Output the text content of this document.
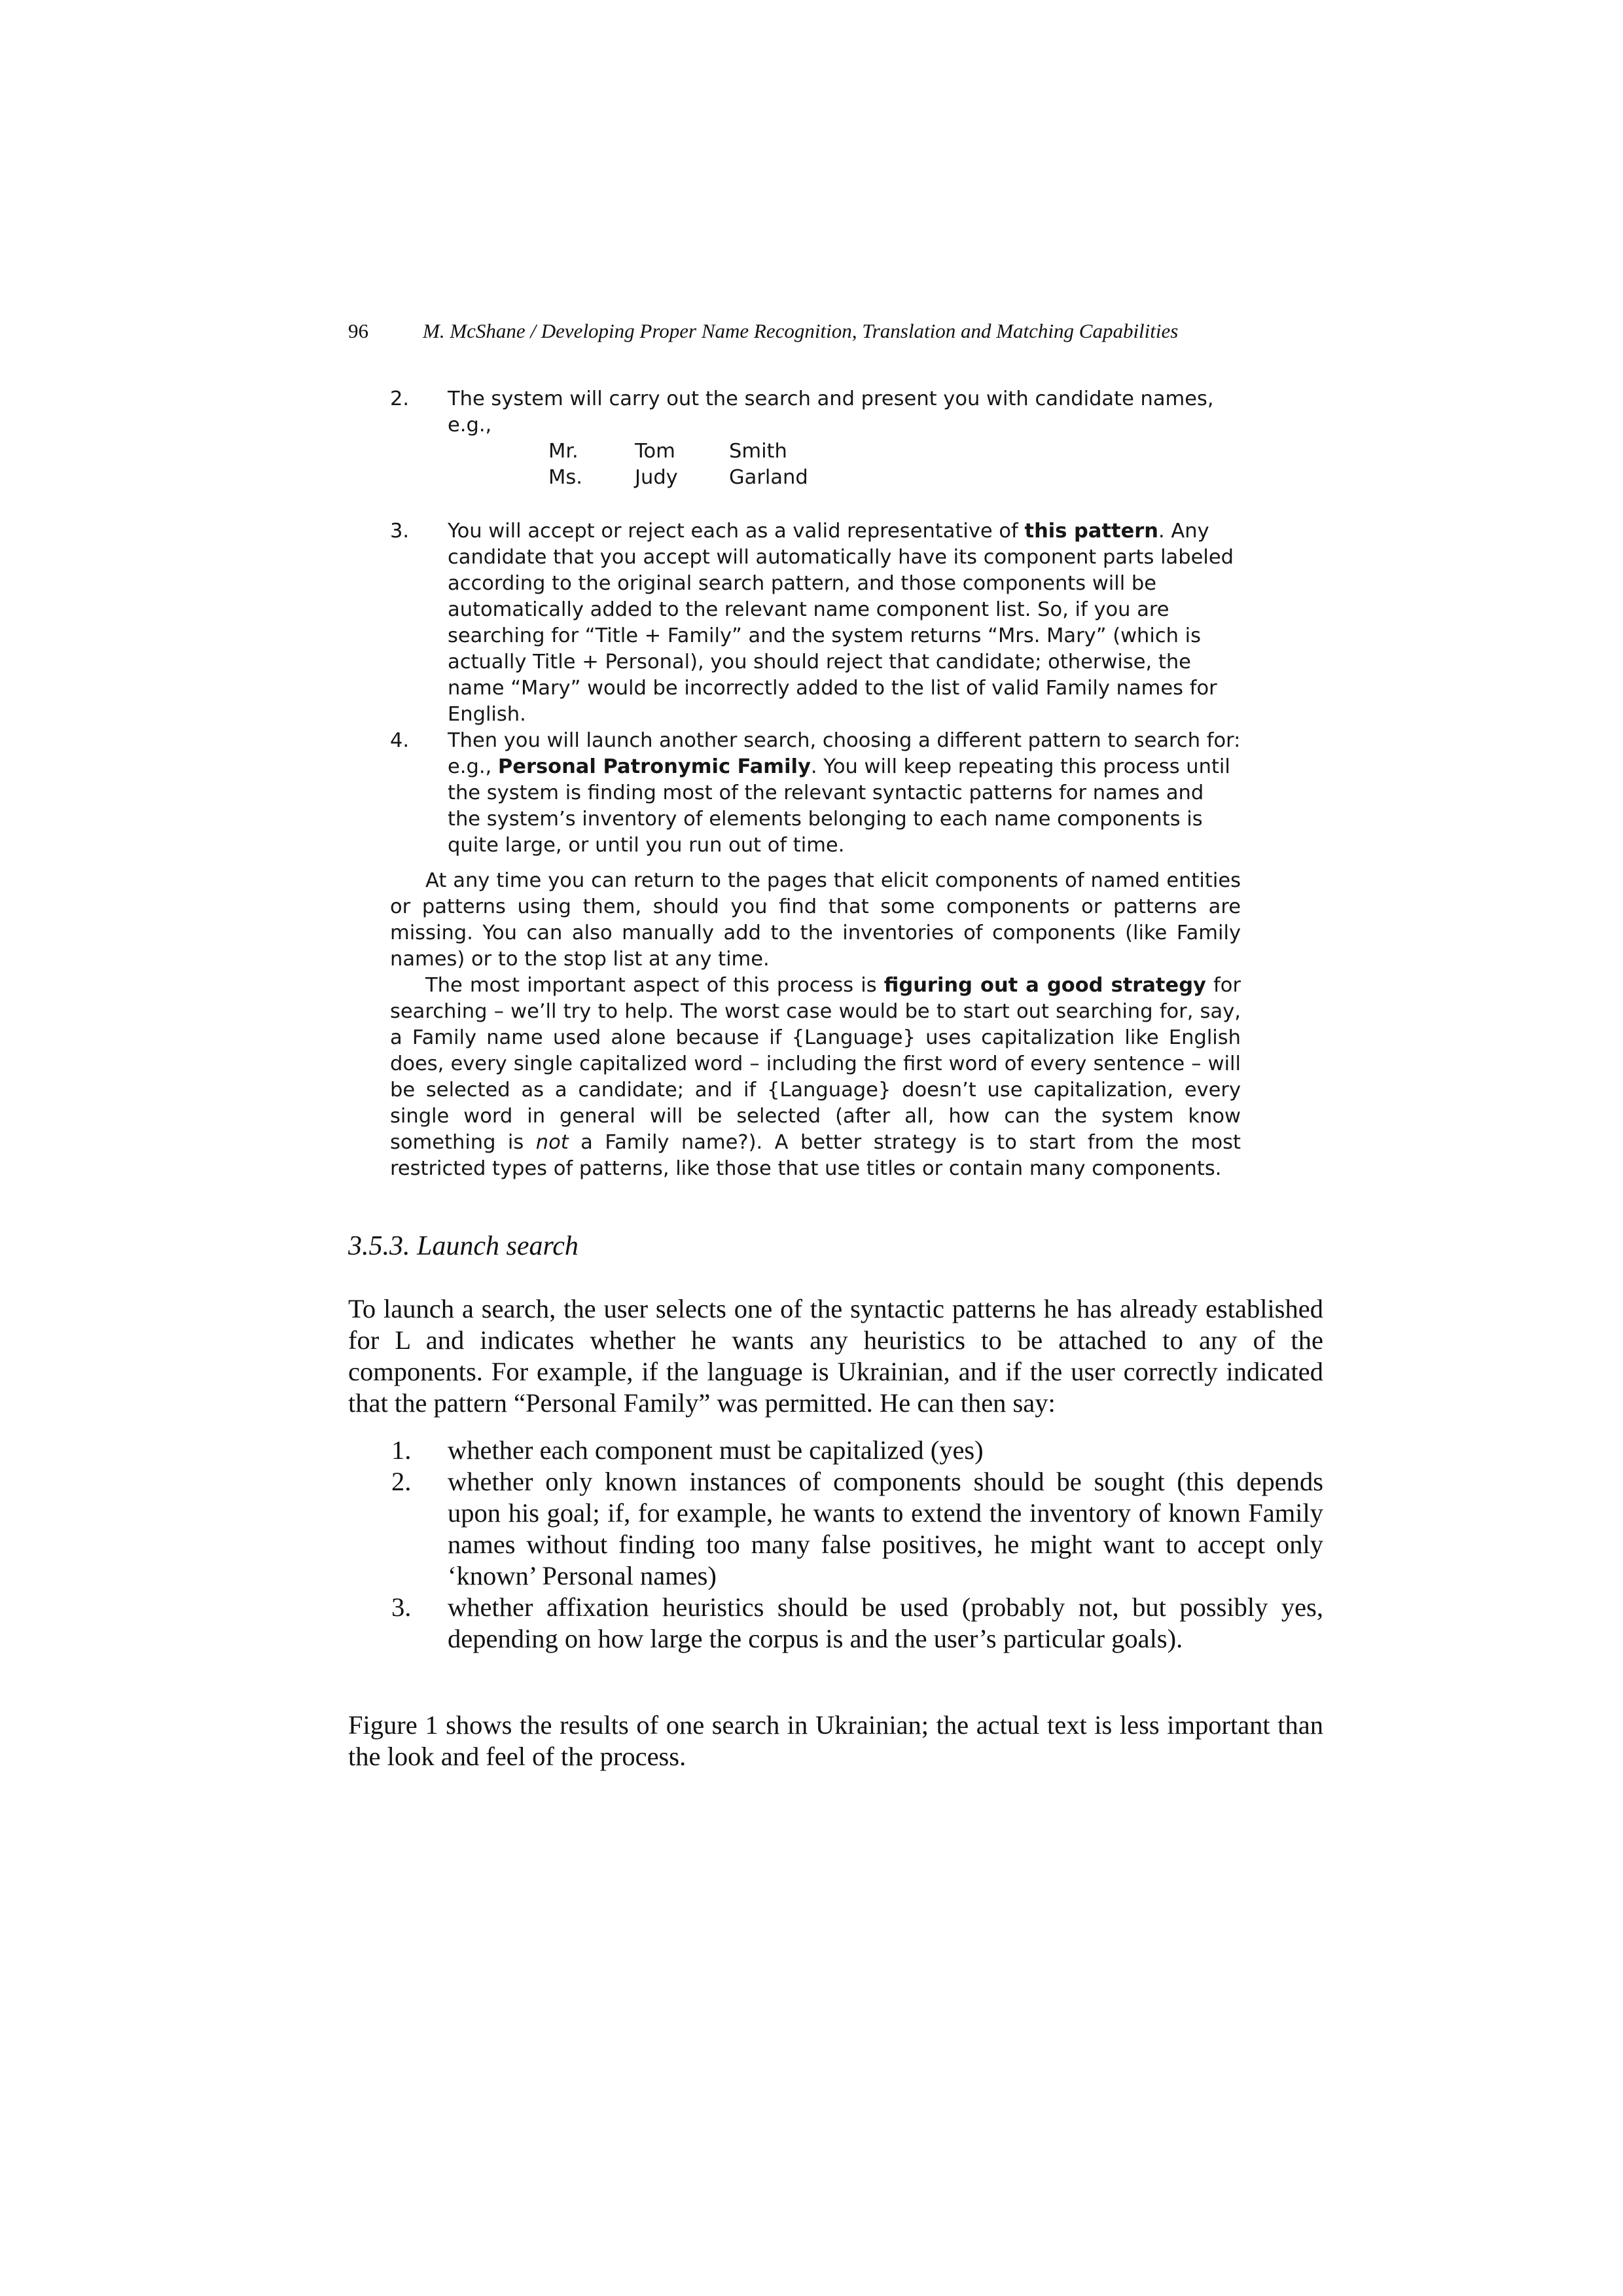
96	M. McShane / Developing Proper Name Recognition, Translation and Matching Capabilities
2. The system will carry out the search and present you with candidate names, e.g.,
Mr.	Tom	Smith
Ms.	Judy	Garland
3. You will accept or reject each as a valid representative of this pattern. Any candidate that you accept will automatically have its component parts labeled according to the original search pattern, and those components will be automatically added to the relevant name component list. So, if you are searching for “Title + Family” and the system returns “Mrs. Mary” (which is actually Title + Personal), you should reject that candidate; otherwise, the name “Mary” would be incorrectly added to the list of valid Family names for English.
4. Then you will launch another search, choosing a different pattern to search for: e.g., Personal Patronymic Family. You will keep repeating this process until the system is finding most of the relevant syntactic patterns for names and the system’s inventory of elements belonging to each name components is quite large, or until you run out of time.
At any time you can return to the pages that elicit components of named entities or patterns using them, should you find that some components or patterns are missing. You can also manually add to the inventories of components (like Family names) or to the stop list at any time.
The most important aspect of this process is figuring out a good strategy for searching – we’ll try to help. The worst case would be to start out searching for, say, a Family name used alone because if {Language} uses capitalization like English does, every single capitalized word – including the first word of every sentence – will be selected as a candidate; and if {Language} doesn’t use capitalization, every single word in general will be selected (after all, how can the system know something is not a Family name?). A better strategy is to start from the most restricted types of patterns, like those that use titles or contain many components.
3.5.3. Launch search
To launch a search, the user selects one of the syntactic patterns he has already established for L and indicates whether he wants any heuristics to be attached to any of the components. For example, if the language is Ukrainian, and if the user correctly indicated that the pattern “Personal Family” was permitted. He can then say:
1. whether each component must be capitalized (yes)
2. whether only known instances of components should be sought (this depends upon his goal; if, for example, he wants to extend the inventory of known Family names without finding too many false positives, he might want to accept only ‘known’ Personal names)
3. whether affixation heuristics should be used (probably not, but possibly yes, depending on how large the corpus is and the user’s particular goals).
Figure 1 shows the results of one search in Ukrainian; the actual text is less important than the look and feel of the process.
